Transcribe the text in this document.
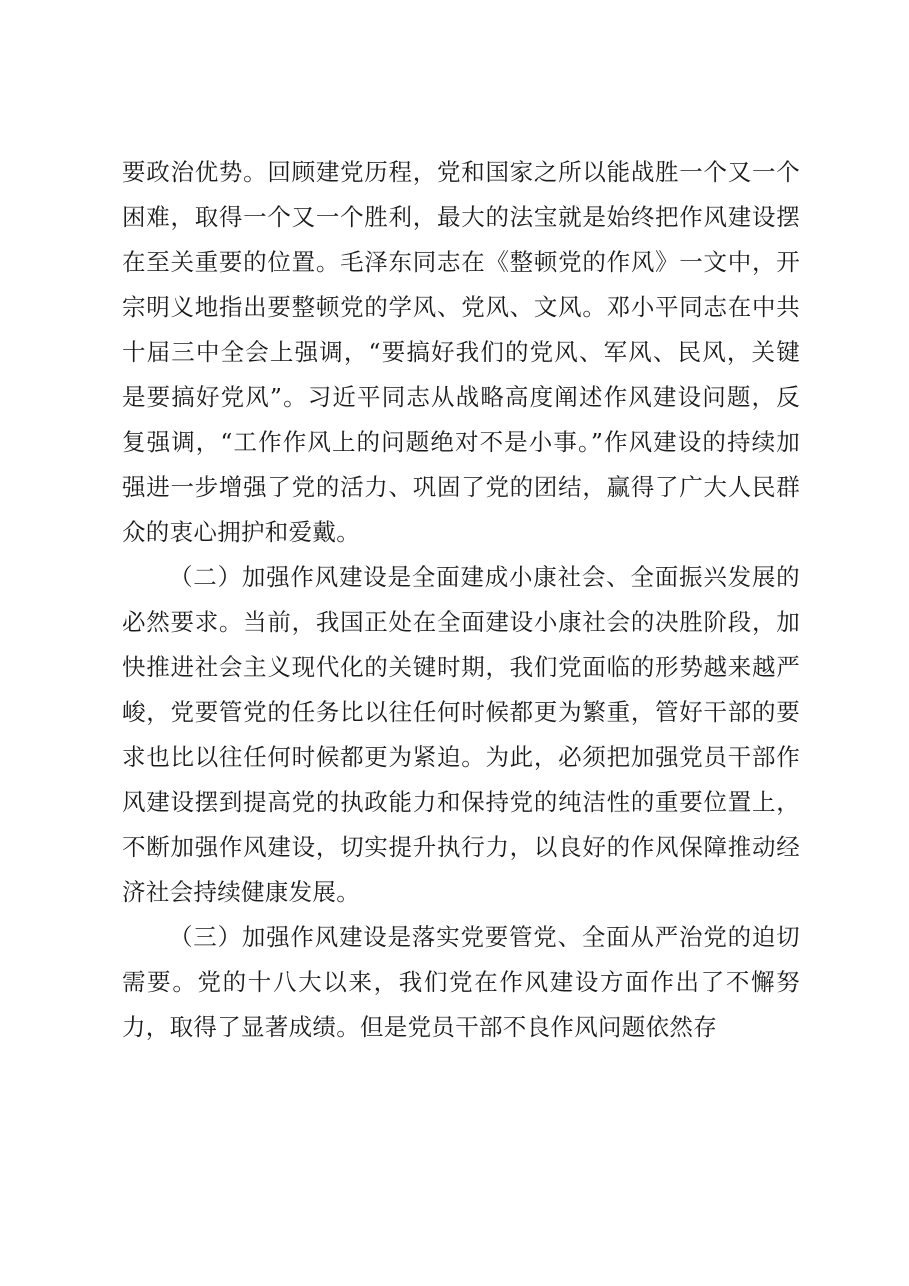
要政治优势。回顾建党历程，党和国家之所以能战胜一个又一个困难，取得一个又一个胜利，最大的法宝就是始终把作风建设摆在至关重要的位置。毛泽东同志在《整顿党的作风》一文中，开宗明义地指出要整顿党的学风、党风、文风。邓小平同志在中共十届三中全会上强调，“要搞好我们的党风、军风、民风，关键是要搞好党风”。习近平同志从战略高度阐述作风建设问题，反复强调，“工作作风上的问题绝对不是小事。”作风建设的持续加强进一步增强了党的活力、巩固了党的团结，赢得了广大人民群众的衷心拥护和爱戴。

（二）加强作风建设是全面建成小康社会、全面振兴发展的必然要求。当前，我国正处在全面建设小康社会的决胜阶段，加快推进社会主义现代化的关键时期，我们党面临的形势越来越严峻，党要管党的任务比以往任何时候都更为繁重，管好干部的要求也比以往任何时候都更为紧迫。为此，必须把加强党员干部作风建设摆到提高党的执政能力和保持党的纯洁性的重要位置上，不断加强作风建设，切实提升执行力，以良好的作风保障推动经济社会持续健康发展。

（三）加强作风建设是落实党要管党、全面从严治党的迫切需要。党的十八大以来，我们党在作风建设方面作出了不懈努力，取得了显著成绩。但是党员干部不良作风问题依然存
